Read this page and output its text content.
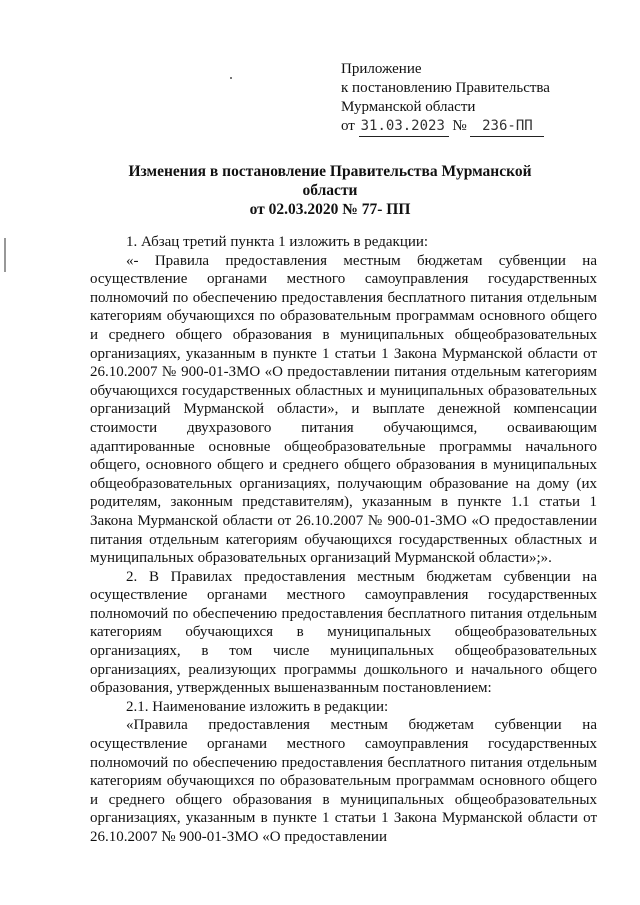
Приложение
к постановлению Правительства
Мурманской области
от 31.03.2023 № 236-ПП
Изменения в постановление Правительства Мурманской области
от 02.03.2020 № 77- ПП

1. Абзац третий пункта 1 изложить в редакции:

«- Правила предоставления местным бюджетам субвенции на осуществление органами местного самоуправления государственных полномочий по обеспечению предоставления бесплатного питания отдельным категориям обучающихся по образовательным программам основного общего и среднего общего образования в муниципальных общеобразовательных организациях, указанным в пункте 1 статьи 1 Закона Мурманской области от 26.10.2007 № 900-01-ЗМО «О предоставлении питания отдельным категориям обучающихся государственных областных и муниципальных образовательных организаций Мурманской области», и выплате денежной компенсации стоимости двухразового питания обучающимся, осваивающим адаптированные основные общеобразовательные программы начального общего, основного общего и среднего общего образования в муниципальных общеобразовательных организациях, получающим образование на дому (их родителям, законным представителям), указанным в пункте 1.1 статьи 1 Закона Мурманской области от 26.10.2007 № 900-01-ЗМО «О предоставлении питания отдельным категориям обучающихся государственных областных и муниципальных образовательных организаций Мурманской области»;».

2. В Правилах предоставления местным бюджетам субвенции на осуществление органами местного самоуправления государственных полномочий по обеспечению предоставления бесплатного питания отдельным категориям обучающихся в муниципальных общеобразовательных организациях, в том числе муниципальных общеобразовательных организациях, реализующих программы дошкольного и начального общего образования, утвержденных вышеназванным постановлением:

2.1. Наименование изложить в редакции:

«Правила предоставления местным бюджетам субвенции на осуществление органами местного самоуправления государственных полномочий по обеспечению предоставления бесплатного питания отдельным категориям обучающихся по образовательным программам основного общего и среднего общего образования в муниципальных общеобразовательных организациях, указанным в пункте 1 статьи 1 Закона Мурманской области от 26.10.2007 № 900-01-ЗМО «О предоставлении
